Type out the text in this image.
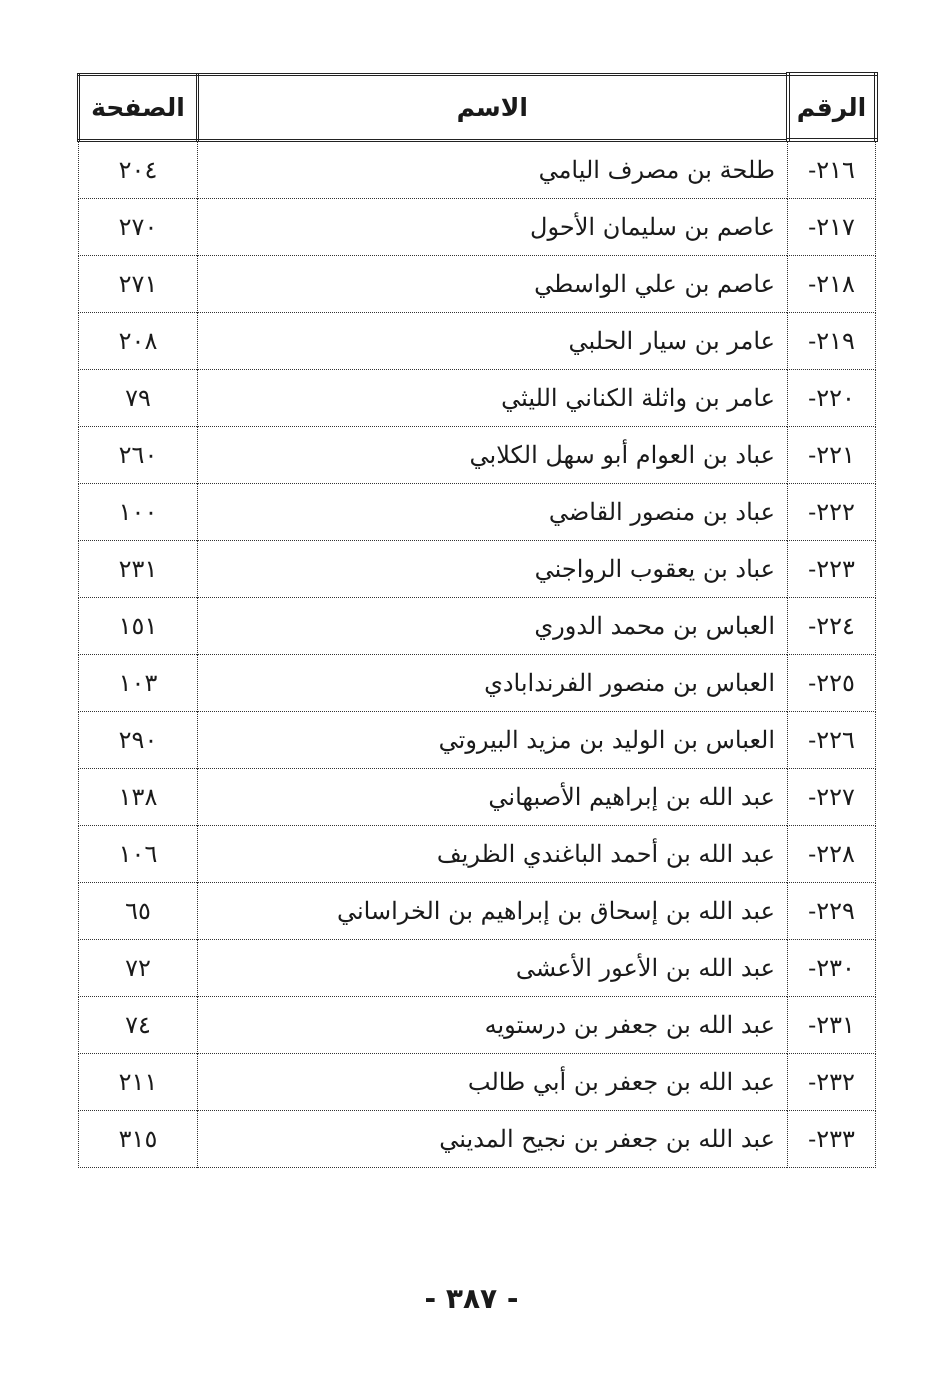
الرقم	الاسم	الصفحة
٢١٦-	طلحة بن مصرف اليامي	٢٠٤
٢١٧-	عاصم بن سليمان الأحول	٢٧٠
٢١٨-	عاصم بن علي الواسطي	٢٧١
٢١٩-	عامر بن سيار الحلبي	٢٠٨
٢٢٠-	عامر بن واثلة الكناني الليثي	٧٩
٢٢١-	عباد بن العوام أبو سهل الكلابي	٢٦٠
٢٢٢-	عباد بن منصور القاضي	١٠٠
٢٢٣-	عباد بن يعقوب الرواجني	٢٣١
٢٢٤-	العباس بن محمد الدوري	١٥١
٢٢٥-	العباس بن منصور الفرندابادي	١٠٣
٢٢٦-	العباس بن الوليد بن مزيد البيروتي	٢٩٠
٢٢٧-	عبد الله بن إبراهيم الأصبهاني	١٣٨
٢٢٨-	عبد الله بن أحمد الباغندي الظريف	١٠٦
٢٢٩-	عبد الله بن إسحاق بن إبراهيم بن الخراساني	٦٥
٢٣٠-	عبد الله بن الأعور الأعشى	٧٢
٢٣١-	عبد الله بن جعفر بن درستويه	٧٤
٢٣٢-	عبد الله بن جعفر بن أبي طالب	٢١١
٢٣٣-	عبد الله بن جعفر بن نجيح المديني	٣١٥
- ٣٨٧ -
